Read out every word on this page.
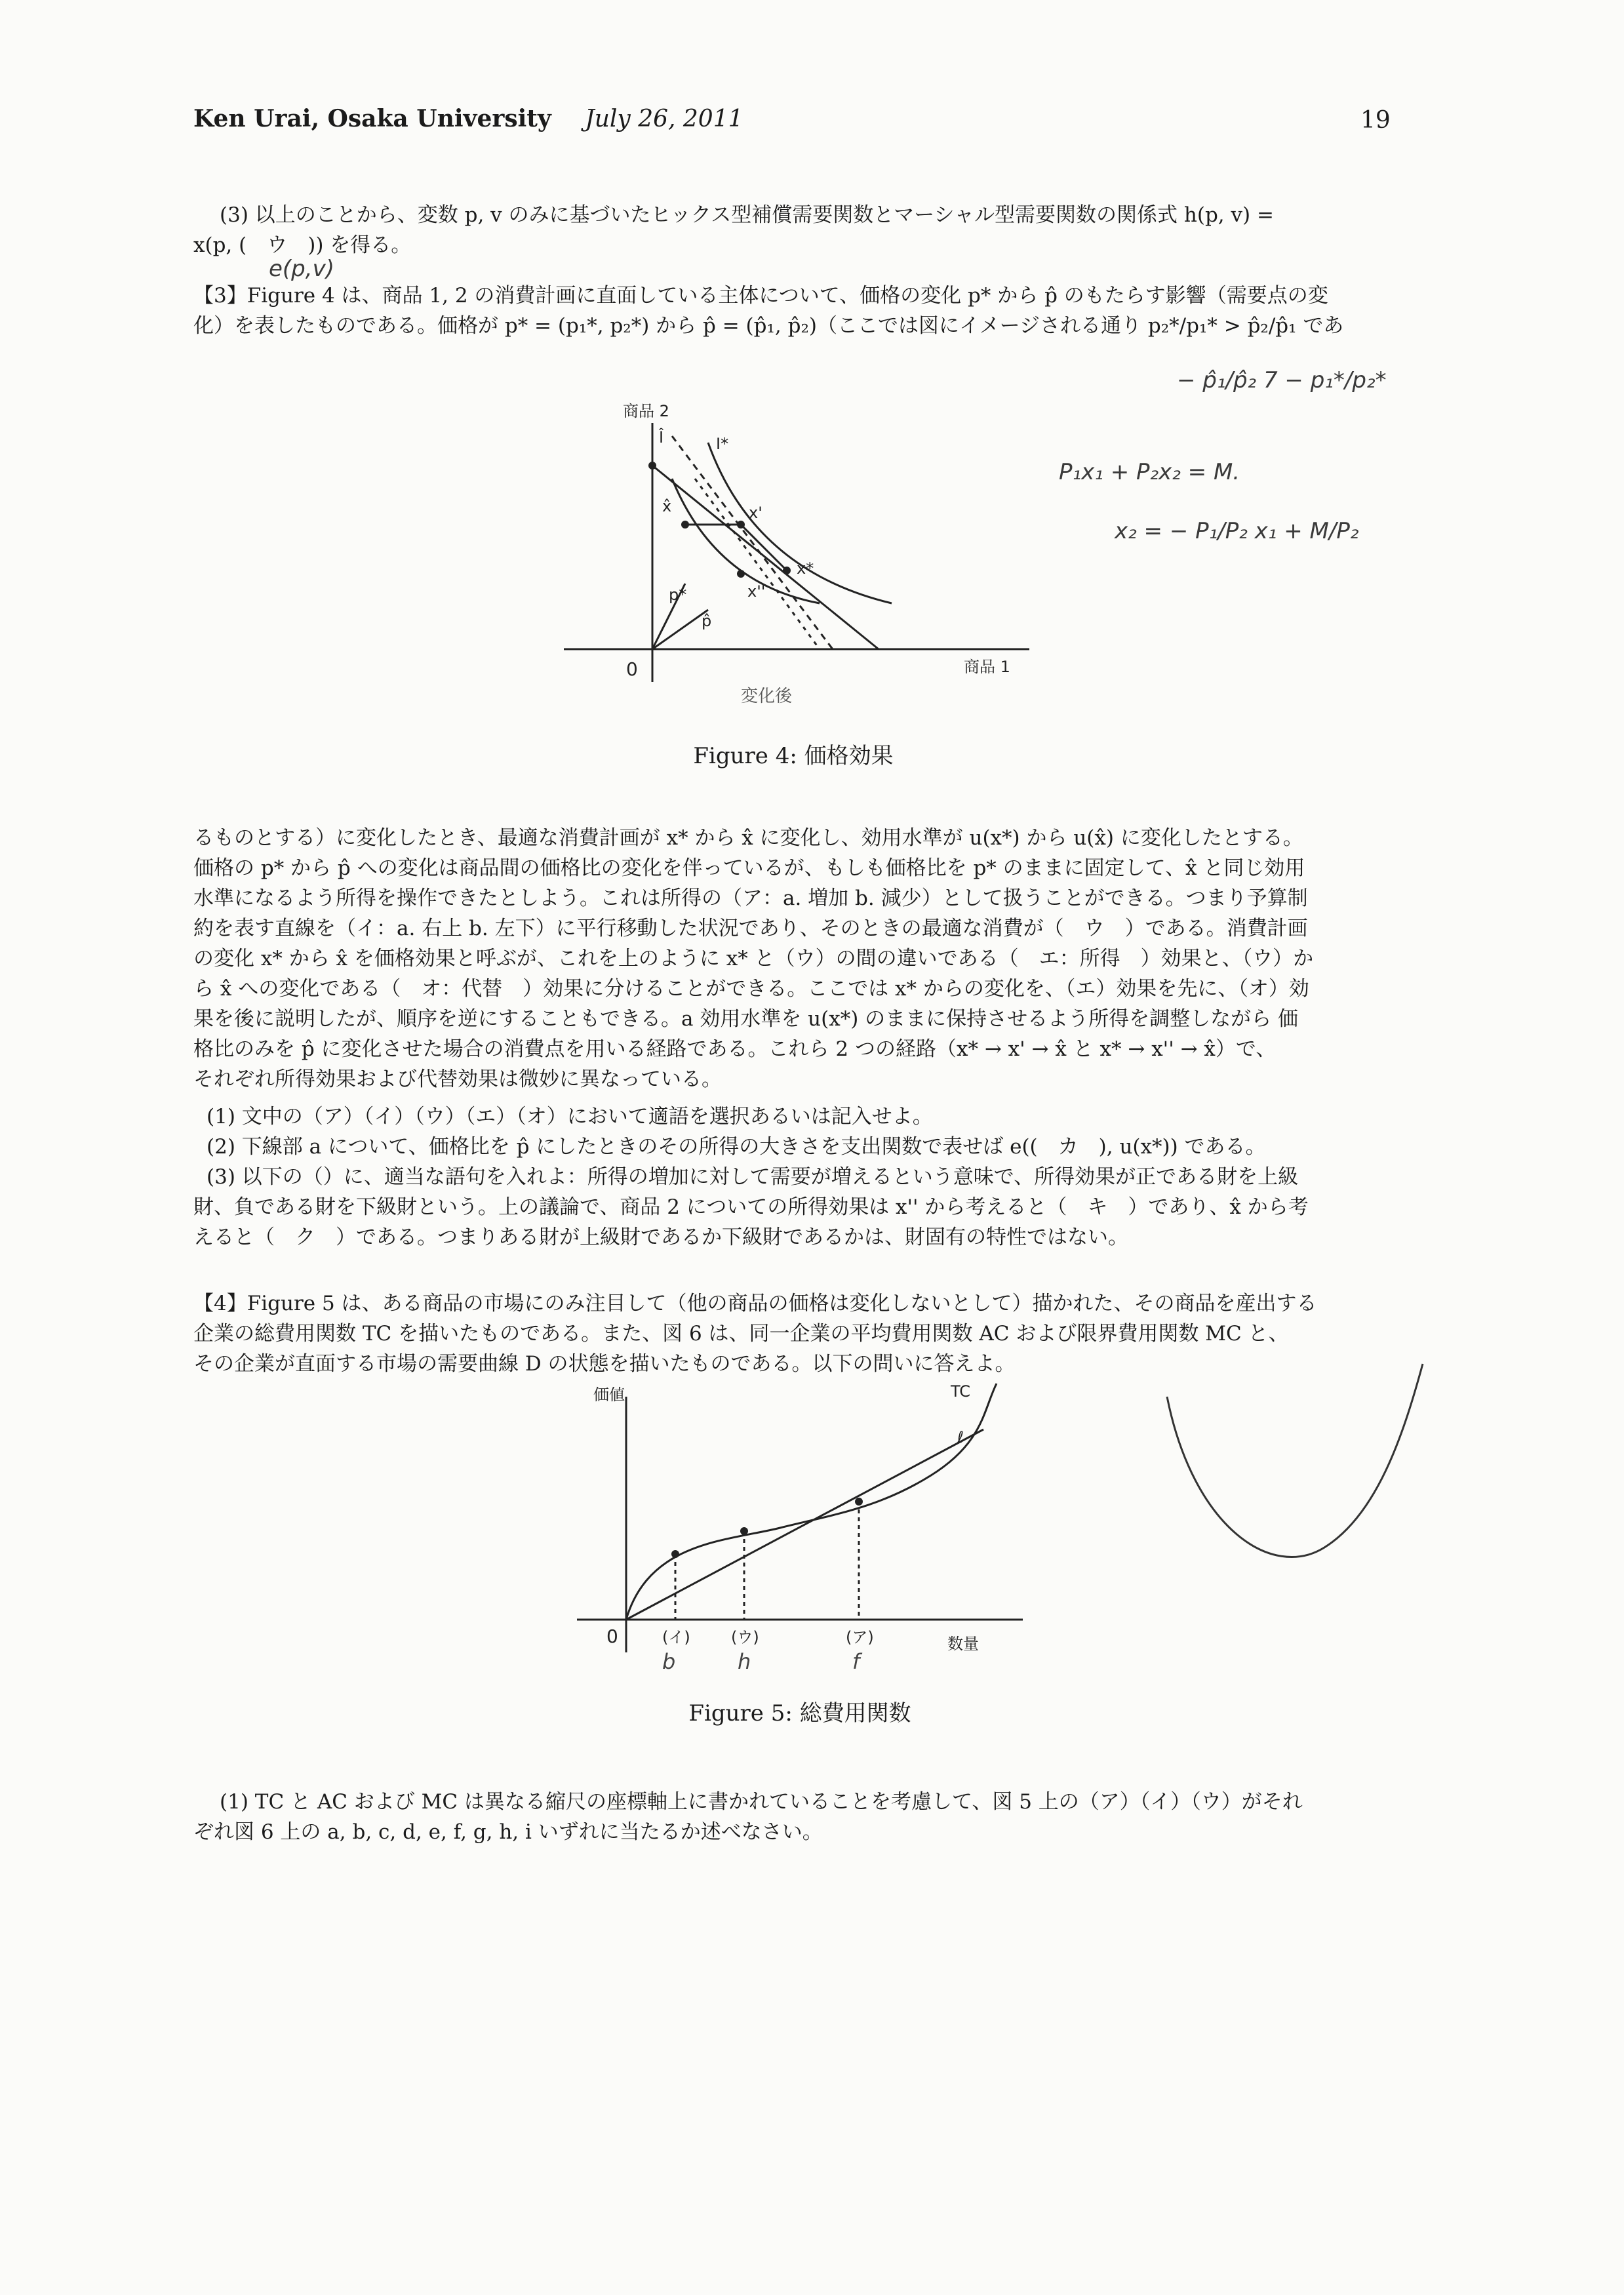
Ken Urai, Osaka University July 26, 2011	19

(3) 以上のことから、変数 p, v のみに基づいたヒックス型補償需要関数とマーシャル型需要関数の関係式 h(p, v) =

x(p, (　ウ　)) を得る。

e(p,v)

【3】Figure 4 は、商品 1, 2 の消費計画に直面している主体について、価格の変化 p* から p̂ のもたらす影響（需要点の変

化）を表したものである。価格が p* = (p₁*, p₂*) から p̂ = (p̂₁, p̂₂)（ここでは図にイメージされる通り p₂*/p₁* > p̂₂/p̂₁ であ

− p̂₁/p̂₂ 7 − p₁*/p₂*
P₁x₁ + P₂x₂ = M.
x₂ = − P₁/P₂ x₁ + M/P₂
商品 2
商品 1
0
x̂	x'
x*
x''
I*
Î
p*
p̂
変化後
Figure 4: 価格効果

るものとする）に変化したとき、最適な消費計画が x* から x̂ に変化し、効用水準が u(x*) から u(x̂) に変化したとする。

価格の p* から p̂ への変化は商品間の価格比の変化を伴っているが、もしも価格比を p* のままに固定して、x̂ と同じ効用

水準になるよう所得を操作できたとしよう。これは所得の（ア：a. 増加 b. 減少）として扱うことができる。つまり予算制

約を表す直線を（イ：a. 右上 b. 左下）に平行移動した状況であり、そのときの最適な消費が（　ウ　）である。消費計画

の変化 x* から x̂ を価格効果と呼ぶが、これを上のように x* と（ウ）の間の違いである（　エ：所得　）効果と、（ウ）か

ら x̂ への変化である（　オ：代替　）効果に分けることができる。ここでは x* からの変化を、（エ）効果を先に、（オ）効

果を後に説明したが、順序を逆にすることもできる。a 効用水準を u(x*) のままに保持させるよう所得を調整しながら 価

格比のみを p̂ に変化させた場合の消費点を用いる経路である。これら 2 つの経路（x* → x' → x̂ と x* → x'' → x̂）で、

それぞれ所得効果および代替効果は微妙に異なっている。

(1) 文中の（ア）（イ）（ウ）（エ）（オ）において適語を選択あるいは記入せよ。

(2) 下線部 a について、価格比を p̂ にしたときのその所得の大きさを支出関数で表せば e((　カ　), u(x*)) である。

(3) 以下の（）に、適当な語句を入れよ：所得の増加に対して需要が増えるという意味で、所得効果が正である財を上級

財、負である財を下級財という。上の議論で、商品 2 についての所得効果は x'' から考えると（　キ　）であり、x̂ から考

えると（　ク　）である。つまりある財が上級財であるか下級財であるかは、財固有の特性ではない。

【4】Figure 5 は、ある商品の市場にのみ注目して（他の商品の価格は変化しないとして）描かれた、その商品を産出する

企業の総費用関数 TC を描いたものである。また、図 6 は、同一企業の平均費用関数 AC および限界費用関数 MC と、

その企業が直面する市場の需要曲線 D の状態を描いたものである。以下の問いに答えよ。

価値
数量
TC
ℓ
0	(イ)	(ウ)	(ア)
b	h	f
Figure 5: 総費用関数

(1) TC と AC および MC は異なる縮尺の座標軸上に書かれていることを考慮して、図 5 上の（ア）（イ）（ウ）がそれ

ぞれ図 6 上の a, b, c, d, e, f, g, h, i いずれに当たるか述べなさい。
